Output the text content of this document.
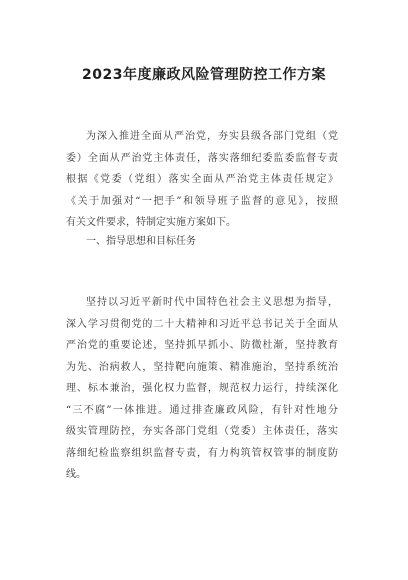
2023年度廉政风险管理防控工作方案
为深入推进全面从严治党，夯实县级各部门党组（党
委）全面从严治党主体责任，落实落细纪委监委监督专责
根据《党委（党组）落实全面从严治党主体责任规定》
《关于加强对“一把手”和领导班子监督的意见》，按照
有关文件要求，特制定实施方案如下。
一、指导思想和目标任务
坚持以习近平新时代中国特色社会主义思想为指导，
深入学习贯彻党的二十大精神和习近平总书记关于全面从
严治党的重要论述，坚持抓早抓小、防微杜渐，坚持教育
为先、治病救人，坚持靶向施策、精准施治，坚持系统治
理、标本兼治，强化权力监督，规范权力运行，持续深化
“三不腐”一体推进。通过排查廉政风险，有针对性地分
级实管理防控，夯实各部门党组（党委）主体责任，落实
落细纪检监察组织监督专责，有力构筑管权管事的制度防
线。
